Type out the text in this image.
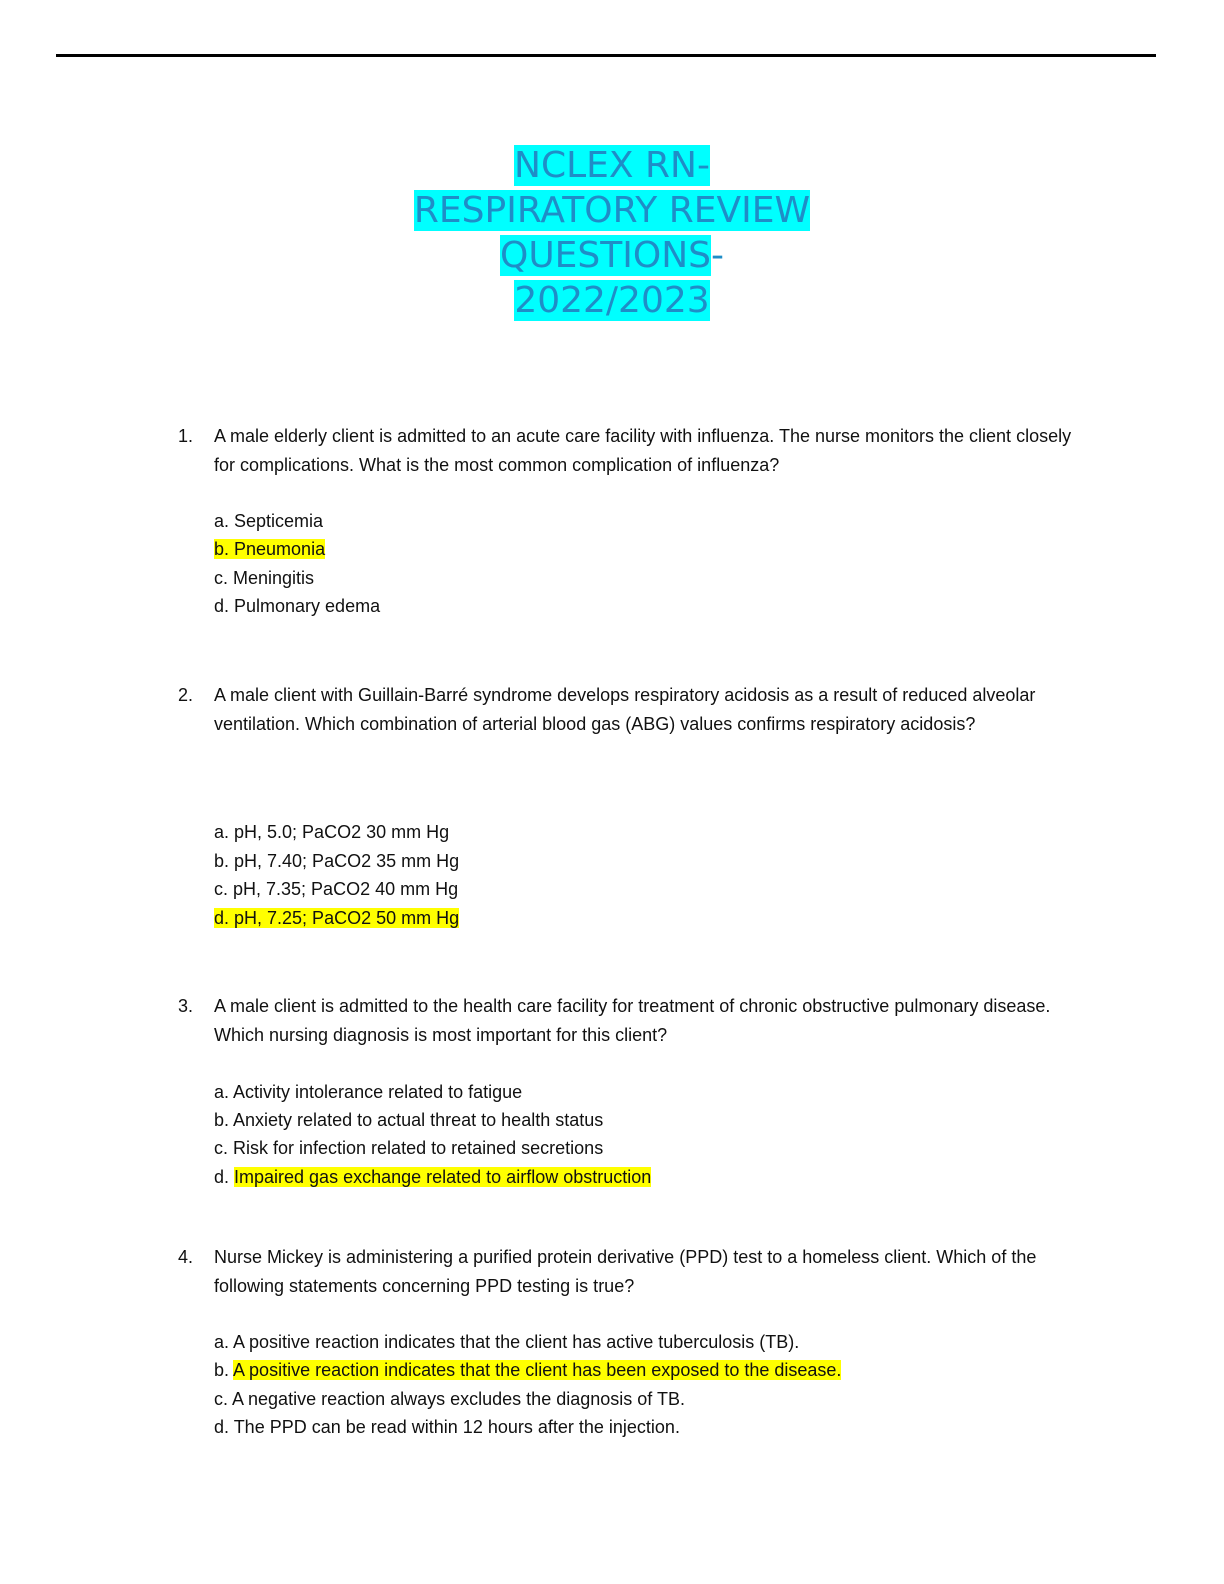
NCLEX RN-
RESPIRATORY REVIEW
QUESTIONS-
2022/2023
1. A male elderly client is admitted to an acute care facility with influenza. The nurse monitors the client closely for complications. What is the most common complication of influenza?
a. Septicemia
b. Pneumonia
c. Meningitis
d. Pulmonary edema
2. A male client with Guillain-Barré syndrome develops respiratory acidosis as a result of reduced alveolar ventilation. Which combination of arterial blood gas (ABG) values confirms respiratory acidosis?
a. pH, 5.0; PaCO2 30 mm Hg
b. pH, 7.40; PaCO2 35 mm Hg
c. pH, 7.35; PaCO2 40 mm Hg
d. pH, 7.25; PaCO2 50 mm Hg
3. A male client is admitted to the health care facility for treatment of chronic obstructive pulmonary disease. Which nursing diagnosis is most important for this client?
a. Activity intolerance related to fatigue
b. Anxiety related to actual threat to health status
c. Risk for infection related to retained secretions
d. Impaired gas exchange related to airflow obstruction
4. Nurse Mickey is administering a purified protein derivative (PPD) test to a homeless client. Which of the following statements concerning PPD testing is true?
a. A positive reaction indicates that the client has active tuberculosis (TB).
b. A positive reaction indicates that the client has been exposed to the disease.
c. A negative reaction always excludes the diagnosis of TB.
d. The PPD can be read within 12 hours after the injection.
